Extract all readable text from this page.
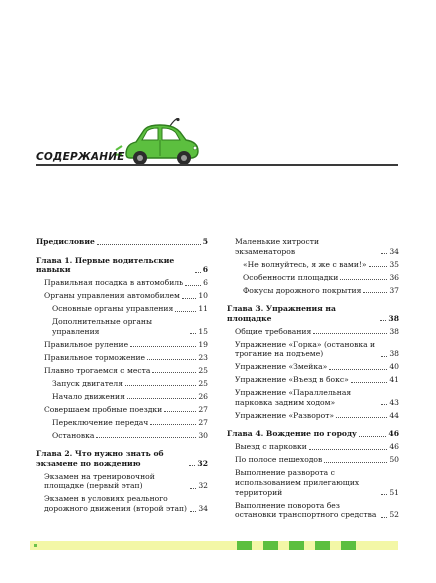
СОДЕРЖАНИЕ
Предисловие	5
Глава 1. Первые водительские навыки	6
Правильная посадка в автомобиль	6
Органы управления автомобилем 10
Основные органы управления	11
Дополнительные органы управления	15
Правильное руление	19
Правильное торможение	23
Плавно трогаемся с места	25
Запуск двигателя	25
Начало движения	26
Совершаем пробные поездки	27
Переключение передач	27
Остановка	30
Глава 2. Что нужно знать об экзамене по вождению	32
Экзамен на тренировочной площадке (первый этап)	32
Экзамен в условиях реального дорожного движения (второй этап) 34
Маленькие хитрости экзаменаторов	34
«Не волнуйтесь, я же с вами!»	35
Особенности площадки	36
Фокусы дорожного покрытия	37
Глава 3. Упражнения на площадке	38
Общие требования	38
Упражнение «Горка» (остановка и трогание на подъеме)	38
Упражнение «Змейка»	40
Упражнение «Въезд в бокс»	41
Упражнение «Параллельная парковка задним ходом»	43
Упражнение «Разворот»	44
Глава 4. Вождение по городу	46
Выезд с парковки	46
По полосе пешеходов	50
Выполнение разворота с использованием прилегающих территорий	51
Выполнение поворота без остановки транспортного средства	52
